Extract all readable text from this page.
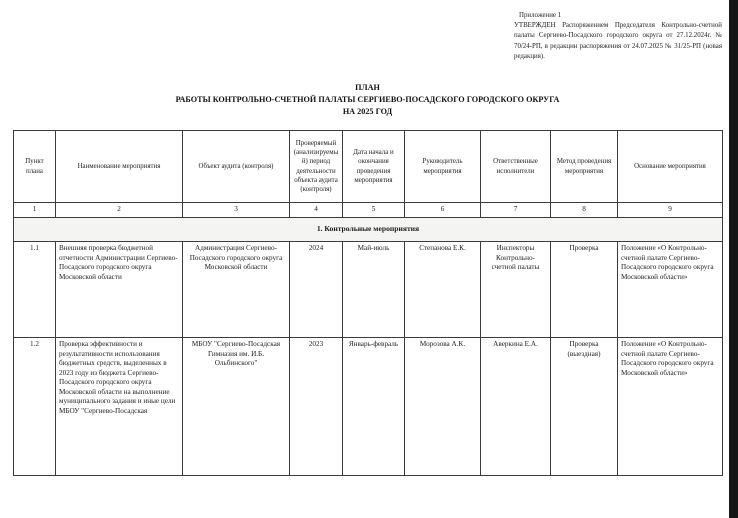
Приложение 1
УТВЕРЖДЕН Распоряжением Председателя Контрольно-счетной палаты Сергиево-Посадского городского округа от 27.12.2024г. № 70/24-РП, в редакции распоряжения от 24.07.2025 № 31/25-РП (новая редакция).
ПЛАН
РАБОТЫ КОНТРОЛЬНО-СЧЕТНОЙ ПАЛАТЫ СЕРГИЕВО-ПОСАДСКОГО ГОРОДСКОГО ОКРУГА
НА 2025 ГОД
Пункт плана	Наименование мероприятия	Объект аудита (контроля)	Проверяемый (анализируемый) период деятельности объекта аудита (контроля)	Дата начала и окончания проведения мероприятия	Руководитель мероприятия	Ответственные исполнители	Метод проведения мероприятия	Основание мероприятия
1	2	3	4	5	6	7	8	9
1. Контрольные мероприятия								
1.1	Внешняя проверка бюджетной отчетности Администрации Сергиево-Посадского городского округа Московской области	Администрация Сергиево-Посадского городского округа Московской области	2024	Май-июль	Степанова Е.К.	Инспекторы Контрольно-счетной палаты	Проверка	Положение «О Контрольно-счетной палате Сергиево-Посадского городского округа Московской области»
1.2	Проверка эффективности и результативности использования бюджетных средств, выделенных в 2023 году из бюджета Сергиево-Посадского городского округа Московской области на выполнение муниципального задания и иные цели МБОУ "Сергиево-Посадская	МБОУ "Сергиево-Посадская Гимназия им. И.Б. Ольбинского"	2023	Январь-февраль	Морозова А.К.	Аверкина Е.А.	Проверка (выездная)	Положение «О Контрольно-счетной палате Сергиево-Посадского городского округа Московской области»
